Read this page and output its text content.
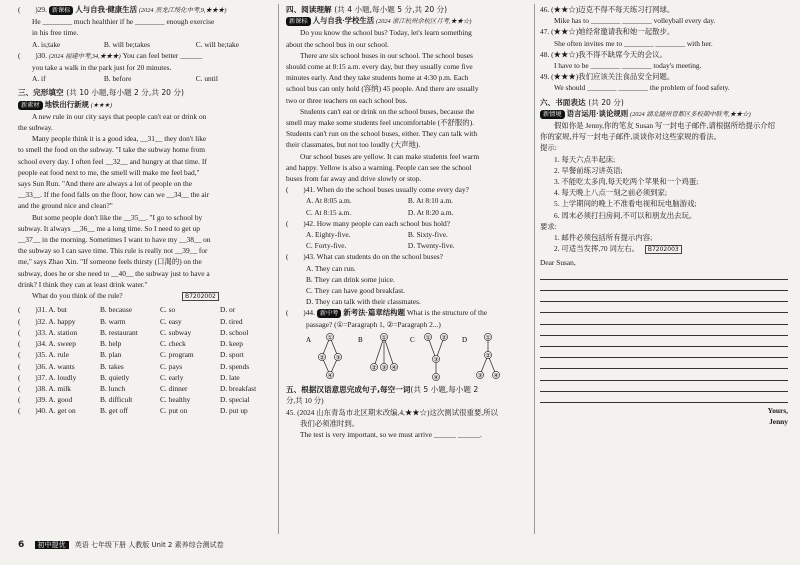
(　　)29. 新课标 人与自我·健康生活 (2024 黑龙江绥化中考,9,★★★)
He ________ much healthier if he ________ enough exercise
in his free time.
A. is;take	B. will be;takes	C. will be;take
(　　)30. (2024 福建中考,34,★★★) You can feel better ______
you take a walk in the park just for 20 minutes.
A. if	B. before	C. until
三、完形填空 (共 10 小题,每小题 2 分,共 20 分)
新素材 地铁出行新规 (★★★)
A new rule in our city says that people can't eat or drink on
the subway.
Many people think it is a good idea, __31__ they don't like
to smell the food on the subway. "I take the subway home from
school every day. I often feel __32__ and hungry at that time. If
people eat food next to me, the smell will make me feel bad,"
says Sun Run. "And there are always a lot of people on the
__33__. If the food falls on the floor, how can we __34__ the air
and the ground nice and clean?"
But some people don't like the __35__. "I go to school by
subway. It always __36__ me a long time. So I need to get up
__37__ in the morning. Sometimes I want to have my __38__ on
the subway so I can save time. This rule is really not __39__ for
me," says Zhao Xin. "If someone feels thirsty (口渴的) on the
subway, does he or she need to __40__ the subway just to have a
drink? I think they can at least drink water."
What do you think of the rule?	B7202002
(　　)31. A. but	B. because	C. so	D. or
(　　)32. A. happy	B. warm	C. easy	D. tired
(　　)33. A. station	B. restaurant	C. subway	D. school
(　　)34. A. sweep	B. help	C. check	D. keep
(　　)35. A. rule	B. plan	C. program	D. sport
(　　)36. A. wants	B. takes	C. pays	D. spends
(　　)37. A. loudly	B. quietly	C. early	D. late
(　　)38. A. milk	B. lunch	C. dinner	D. breakfast
(　　)39. A. good	B. difficult	C. healthy	D. special
(　　)40. A. get on	B. get off	C. put on	D. put up
四、阅读理解 (共 4 小题,每小题 5 分,共 20 分)
新课标 人与自我·学校生活 (2024 浙江杭州余杭区月考,★★☆)
Do you know the school bus? Today, let's learn something
about the school bus in our school.
There are six school buses in our school. The school buses
should come at 8:15 a.m. every day, but they usually come five
minutes early. And they take students home at 4:30 p.m. Each
school bus can only hold (容纳) 45 people. And there are usually
two or three teachers on each school bus.
Students can't eat or drink on the school buses, because the
smell may make some students feel uncomfortable (不舒服的).
Students can't run on the school buses, either. They can talk with
their classmates, but not too loudly (大声地).
Our school buses are yellow. It can make students feel warm
and happy. Yellow is also a warning. People can see the school
buses from far away and drive slowly or stop.
(　　)41. When do the school buses usually come every day?
A. At 8:05 a.m.	B. At 8:10 a.m.
C. At 8:15 a.m.	D. At 8:20 a.m.
(　　)42. How many people can each school bus hold?
A. Eighty-five.	B. Sixty-five.
C. Forty-five.	D. Twenty-five.
(　　)43. What can students do on the school buses?
A. They can run.
B. They can drink some juice.
C. They can have good breakfast.
D. They can talk with their classmates.
(　　)44. 新中考 新考法·篇章结构题 What is the structure of the
passage? (①=Paragraph 1, ②=Paragraph 2...)
A	①
② ③
④
B	①
② ③ ④
C ① ②
③
④
D	①
②
③ ④
五、根据汉语意思完成句子,每空一词(共 5 小题,每小题 2
分,共 10 分)
45. (2024 山东青岛市北区期末改编,4,★★☆)这次测试很重要,所以
我们必须准时到。
The test is very important, so we must arrive ______ ______.
46. (★★☆)迈克不得不每天练习打网球。
Mike has to ________ ________ volleyball every day.
47. (★★☆)她经常邀请我和她一起散步。
She often invites me to ________ ________ with her.
48. (★★☆)我不得不缺席今天的会议。
I have to be ________ ________ today's meeting.
49. (★★★)我们应该关注食品安全问题。
We should ________ ________ the problem of food safety.
六、书面表达 (共 20 分)
新情境 语言运用·谈论规则 (2024 湖北随州曾都区多校期中联考,★★☆)
假如你是 Jenny,你的笔友 Susan 写一封电子邮件,请根据所给提示介绍
你的家规,并写一封电子邮件,谈谈你对这些家规的看法。
提示:
1. 每天六点半起床;
2. 早餐前练习讲英语;
3. 不能吃太多肉,每天吃两个苹果和一个鸡蛋;
4. 每天晚上八点一刻之前必须到家;
5. 上学期间的晚上不准看电视和玩电脑游戏;
6. 周末必须打扫房间,不可以和朋友出去玩。
要求:
1. 邮件必须包括所有提示内容;
2. 可适当发挥,70 词左右。 B7202003
Dear Susan,
Yours,
Jenny
6 初中提优 英语 七年级下册 人教版 Unit 2 素养综合测试卷
